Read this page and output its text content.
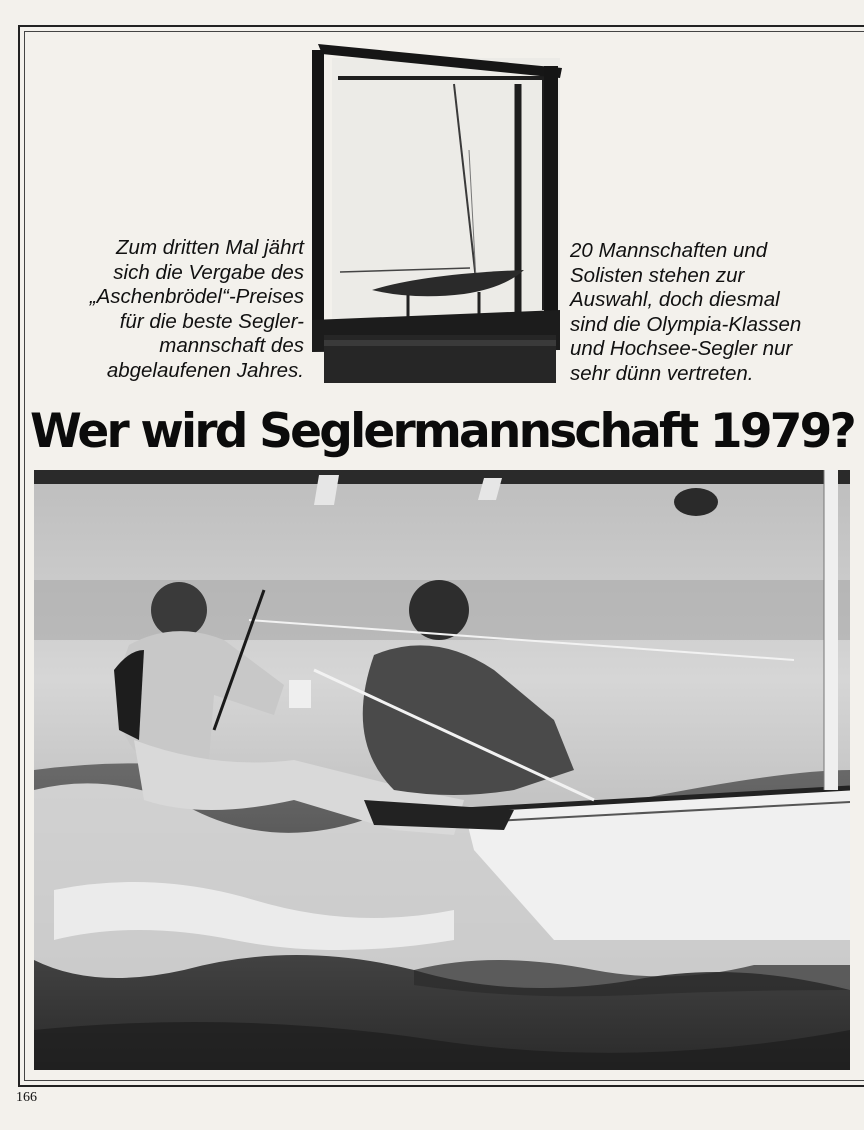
Zum dritten Mal jährt
sich die Vergabe des
„Aschenbrödel“-Preises
für die beste Segler-
mannschaft des
abgelaufenen Jahres.
20 Mannschaften und
Solisten stehen zur
Auswahl, doch diesmal
sind die Olympia-Klassen
und Hochsee-Segler nur
sehr dünn vertreten.
Wer wird Seglermannschaft 1979?
166
